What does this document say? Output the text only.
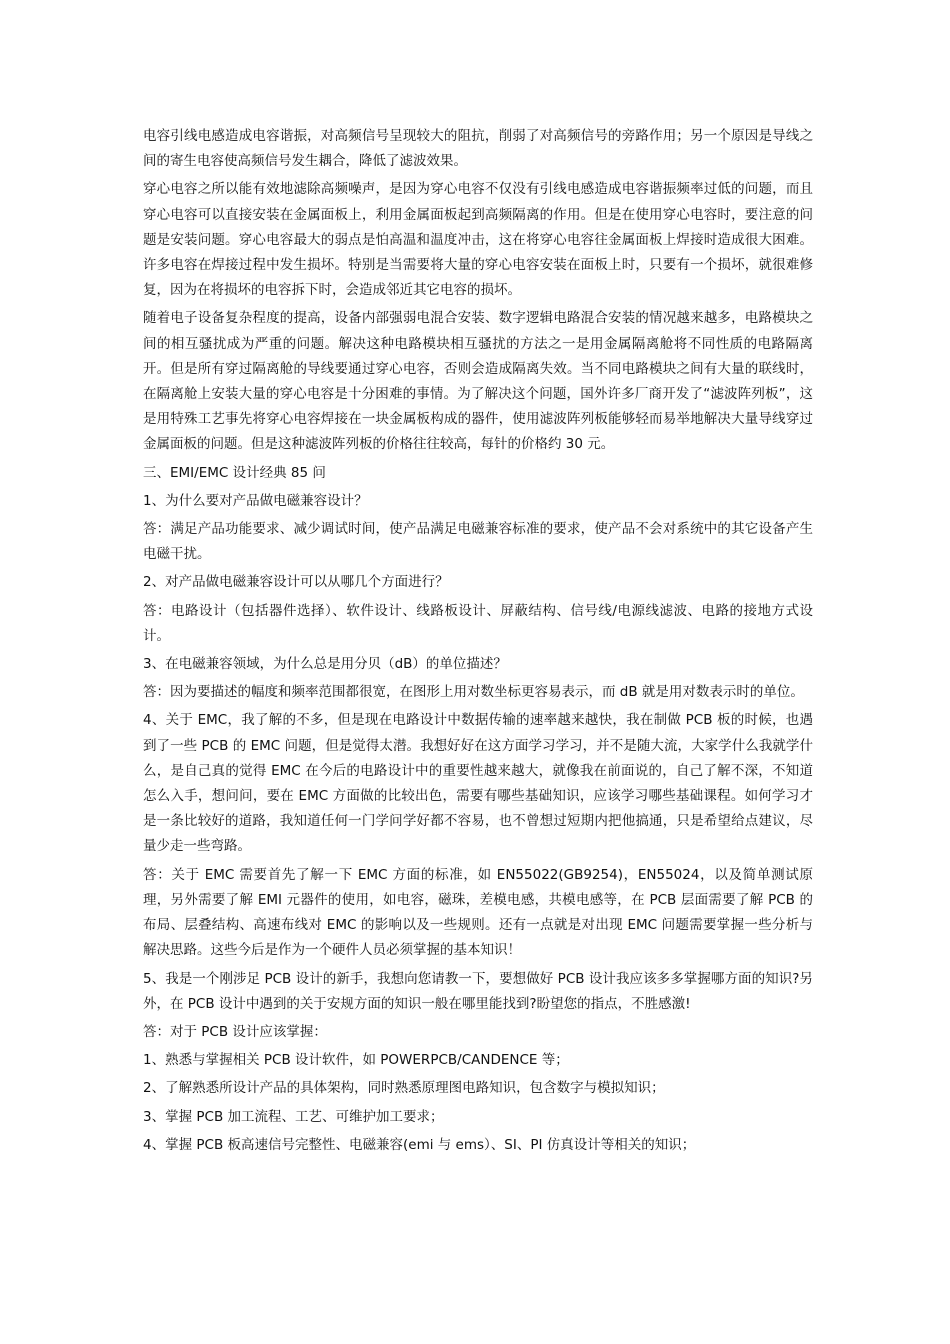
电容引线电感造成电容谐振，对高频信号呈现较大的阻抗，削弱了对高频信号的旁路作用；另一个原因是导线之间的寄生电容使高频信号发生耦合，降低了滤波效果。

穿心电容之所以能有效地滤除高频噪声，是因为穿心电容不仅没有引线电感造成电容谐振频率过低的问题，而且穿心电容可以直接安装在金属面板上，利用金属面板起到高频隔离的作用。但是在使用穿心电容时，要注意的问题是安装问题。穿心电容最大的弱点是怕高温和温度冲击，这在将穿心电容往金属面板上焊接时造成很大困难。许多电容在焊接过程中发生损坏。特别是当需要将大量的穿心电容安装在面板上时，只要有一个损坏，就很难修复，因为在将损坏的电容拆下时，会造成邻近其它电容的损坏。

随着电子设备复杂程度的提高，设备内部强弱电混合安装、数字逻辑电路混合安装的情况越来越多，电路模块之间的相互骚扰成为严重的问题。解决这种电路模块相互骚扰的方法之一是用金属隔离舱将不同性质的电路隔离开。但是所有穿过隔离舱的导线要通过穿心电容，否则会造成隔离失效。当不同电路模块之间有大量的联线时，在隔离舱上安装大量的穿心电容是十分困难的事情。为了解决这个问题，国外许多厂商开发了“滤波阵列板”，这是用特殊工艺事先将穿心电容焊接在一块金属板构成的器件，使用滤波阵列板能够轻而易举地解决大量导线穿过金属面板的问题。但是这种滤波阵列板的价格往往较高，每针的价格约 30 元。

三、EMI/EMC 设计经典 85 问

1、为什么要对产品做电磁兼容设计？

答：满足产品功能要求、减少调试时间，使产品满足电磁兼容标准的要求，使产品不会对系统中的其它设备产生电磁干扰。

2、对产品做电磁兼容设计可以从哪几个方面进行？

答：电路设计（包括器件选择）、软件设计、线路板设计、屏蔽结构、信号线/电源线滤波、电路的接地方式设计。

3、在电磁兼容领域，为什么总是用分贝（dB）的单位描述？

答：因为要描述的幅度和频率范围都很宽，在图形上用对数坐标更容易表示，而 dB 就是用对数表示时的单位。

4、关于 EMC，我了解的不多，但是现在电路设计中数据传输的速率越来越快，我在制做 PCB 板的时候，也遇到了一些 PCB 的 EMC 问题，但是觉得太潜。我想好好在这方面学习学习，并不是随大流，大家学什么我就学什么，是自己真的觉得 EMC 在今后的电路设计中的重要性越来越大，就像我在前面说的，自己了解不深，不知道怎么入手，想问问，要在 EMC 方面做的比较出色，需要有哪些基础知识，应该学习哪些基础课程。如何学习才是一条比较好的道路，我知道任何一门学问学好都不容易，也不曾想过短期内把他搞通，只是希望给点建议，尽量少走一些弯路。

答：关于 EMC 需要首先了解一下 EMC 方面的标准，如 EN55022(GB9254)，EN55024，以及简单测试原理，另外需要了解 EMI 元器件的使用，如电容，磁珠，差模电感，共模电感等，在 PCB 层面需要了解 PCB 的布局、层叠结构、高速布线对 EMC 的影响以及一些规则。还有一点就是对出现 EMC 问题需要掌握一些分析与解决思路。这些今后是作为一个硬件人员必须掌握的基本知识！

5、我是一个刚涉足 PCB 设计的新手，我想向您请教一下，要想做好 PCB 设计我应该多多掌握哪方面的知识?另外，在 PCB 设计中遇到的关于安规方面的知识一般在哪里能找到?盼望您的指点，不胜感激!

答：对于 PCB 设计应该掌握：

1、熟悉与掌握相关 PCB 设计软件，如 POWERPCB/CANDENCE 等；

2、了解熟悉所设计产品的具体架构，同时熟悉原理图电路知识，包含数字与模拟知识；

3、掌握 PCB 加工流程、工艺、可维护加工要求；

4、掌握 PCB 板高速信号完整性、电磁兼容(emi 与 ems）、SI、PI 仿真设计等相关的知识；
